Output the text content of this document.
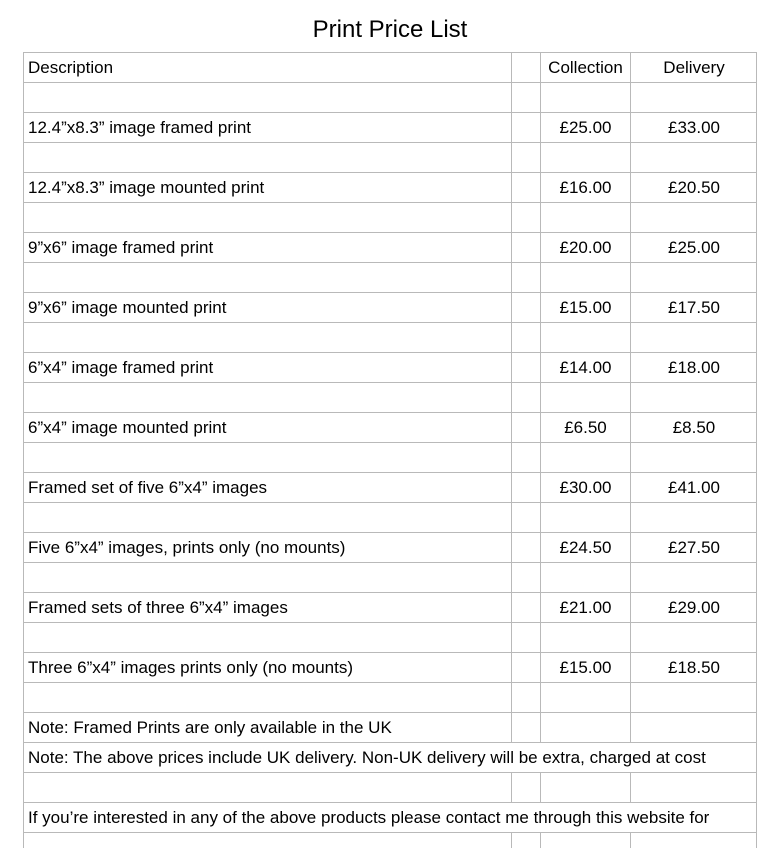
Print Price List
Description		Collection	Delivery

12.4”x8.3” image framed print		£25.00	£33.00

12.4”x8.3” image mounted print		£16.00	£20.50

9”x6” image framed print		£20.00	£25.00

9”x6” image mounted print		£15.00	£17.50

6”x4” image framed print		£14.00	£18.00

6”x4” image mounted print		£6.50	£8.50

Framed set of five 6”x4” images		£30.00	£41.00

Five 6”x4” images, prints only (no mounts)		£24.50	£27.50

Framed sets of three 6”x4” images		£21.00	£29.00

Three 6”x4” images prints only (no mounts)		£15.00	£18.50

Note: Framed Prints are only available in the UK			

Note: The above prices include UK delivery. Non-UK delivery will be extra, charged at cost			

If you’re interested in any of the above products please contact me through this website for			
